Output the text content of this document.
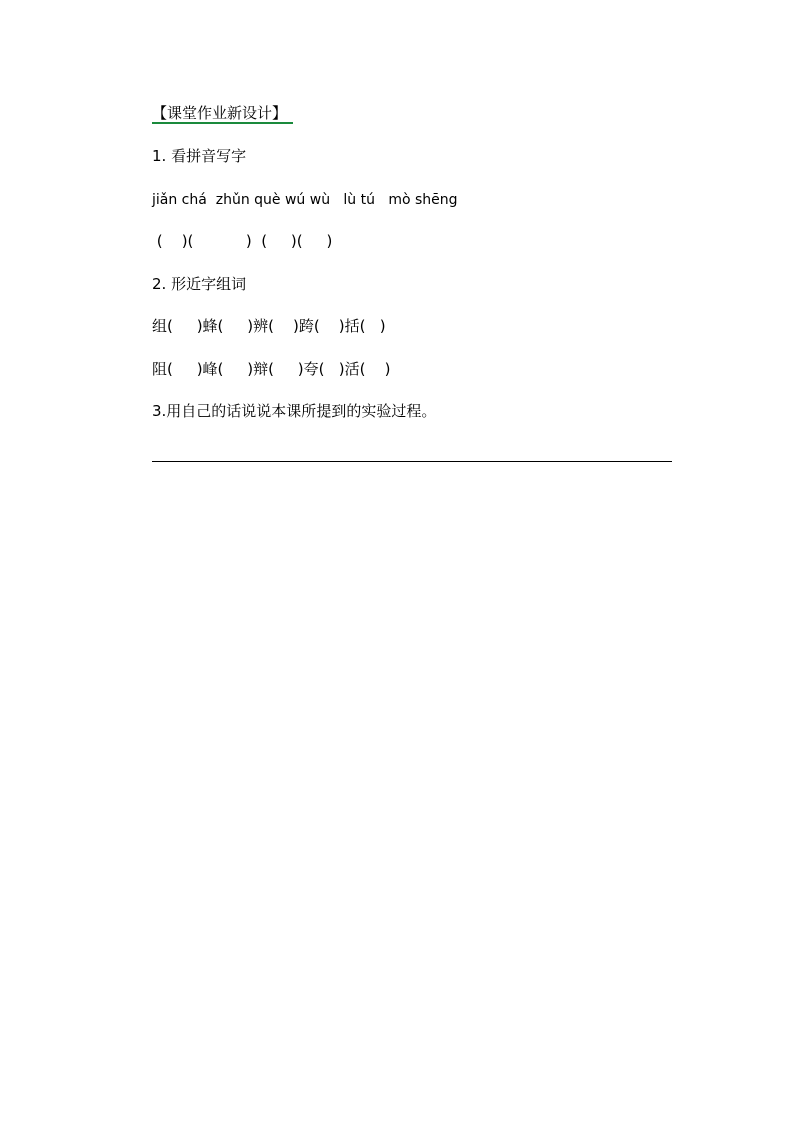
【课堂作业新设计】
1. 看拼音写字
jiǎn chá  zhǔn què wú wù   lù tú   mò shēng
(    )(           )  (     )(     )
2. 形近字组词
组(     )蜂(     )辨(    )跨(    )括(   )
阻(     )峰(     )辩(     )夸(   )活(    )
3.用自己的话说说本课所提到的实验过程。
